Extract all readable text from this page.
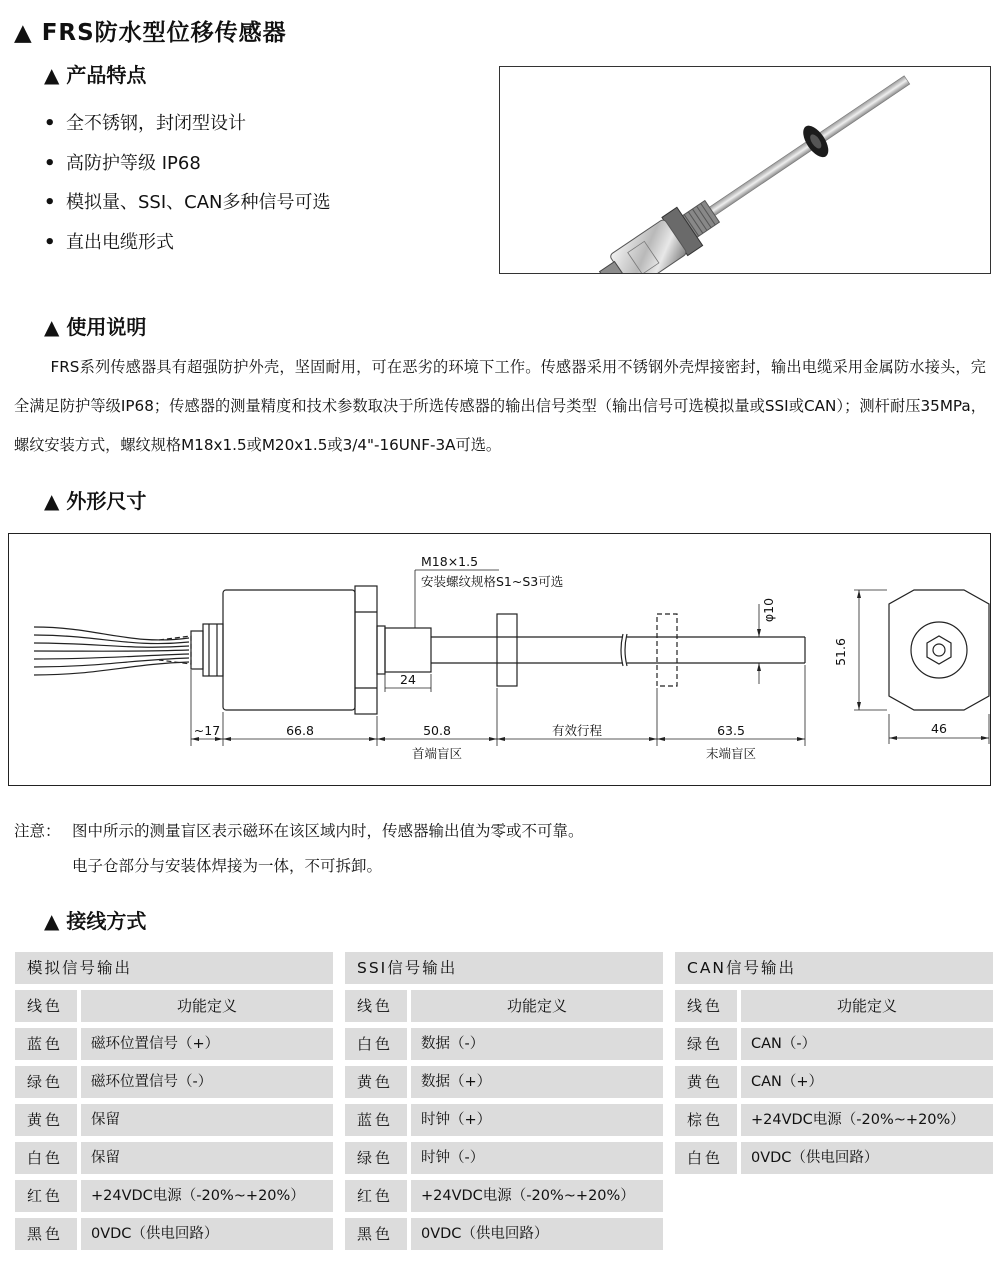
▲ FRS防水型位移传感器
▲ 产品特点
• 全不锈钢，封闭型设计
• 高防护等级 IP68
• 模拟量、SSI、CAN多种信号可选
• 直出电缆形式
▲ 使用说明

FRS系列传感器具有超强防护外壳，坚固耐用，可在恶劣的环境下工作。传感器采用不锈钢外壳焊接密封，输出电缆采用金属防水接头，完全满足防护等级IP68；传感器的测量精度和技术参数取决于所选传感器的输出信号类型（输出信号可选模拟量或SSI或CAN）；测杆耐压35MPa，螺纹安装方式，螺纹规格M18x1.5或M20x1.5或3/4"-16UNF-3A可选。

▲ 外形尺寸
M18×1.5
安装螺纹规格S1~S3可选
24
φ10
~17	66.8	50.8	有效行程	63.5
首端盲区	末端盲区
51.6
46
注意： 图中所示的测量盲区表示磁环在该区域内时，传感器输出值为零或不可靠。
电子仓部分与安装体焊接为一体，不可拆卸。
▲ 接线方式
模拟信号输出
线色	功能定义
蓝色	磁环位置信号（+）
绿色	磁环位置信号（-）
黄色	保留
白色	保留
红色	+24VDC电源（-20%~+20%）
黑色	0VDC（供电回路）
SSI信号输出
线色	功能定义
白色	数据（-）
黄色	数据（+）
蓝色	时钟（+）
绿色	时钟（-）
红色	+24VDC电源（-20%~+20%）
黑色	0VDC（供电回路）
CAN信号输出
线色	功能定义
绿色	CAN（-）
黄色	CAN（+）
棕色	+24VDC电源（-20%~+20%）
白色	0VDC（供电回路）
